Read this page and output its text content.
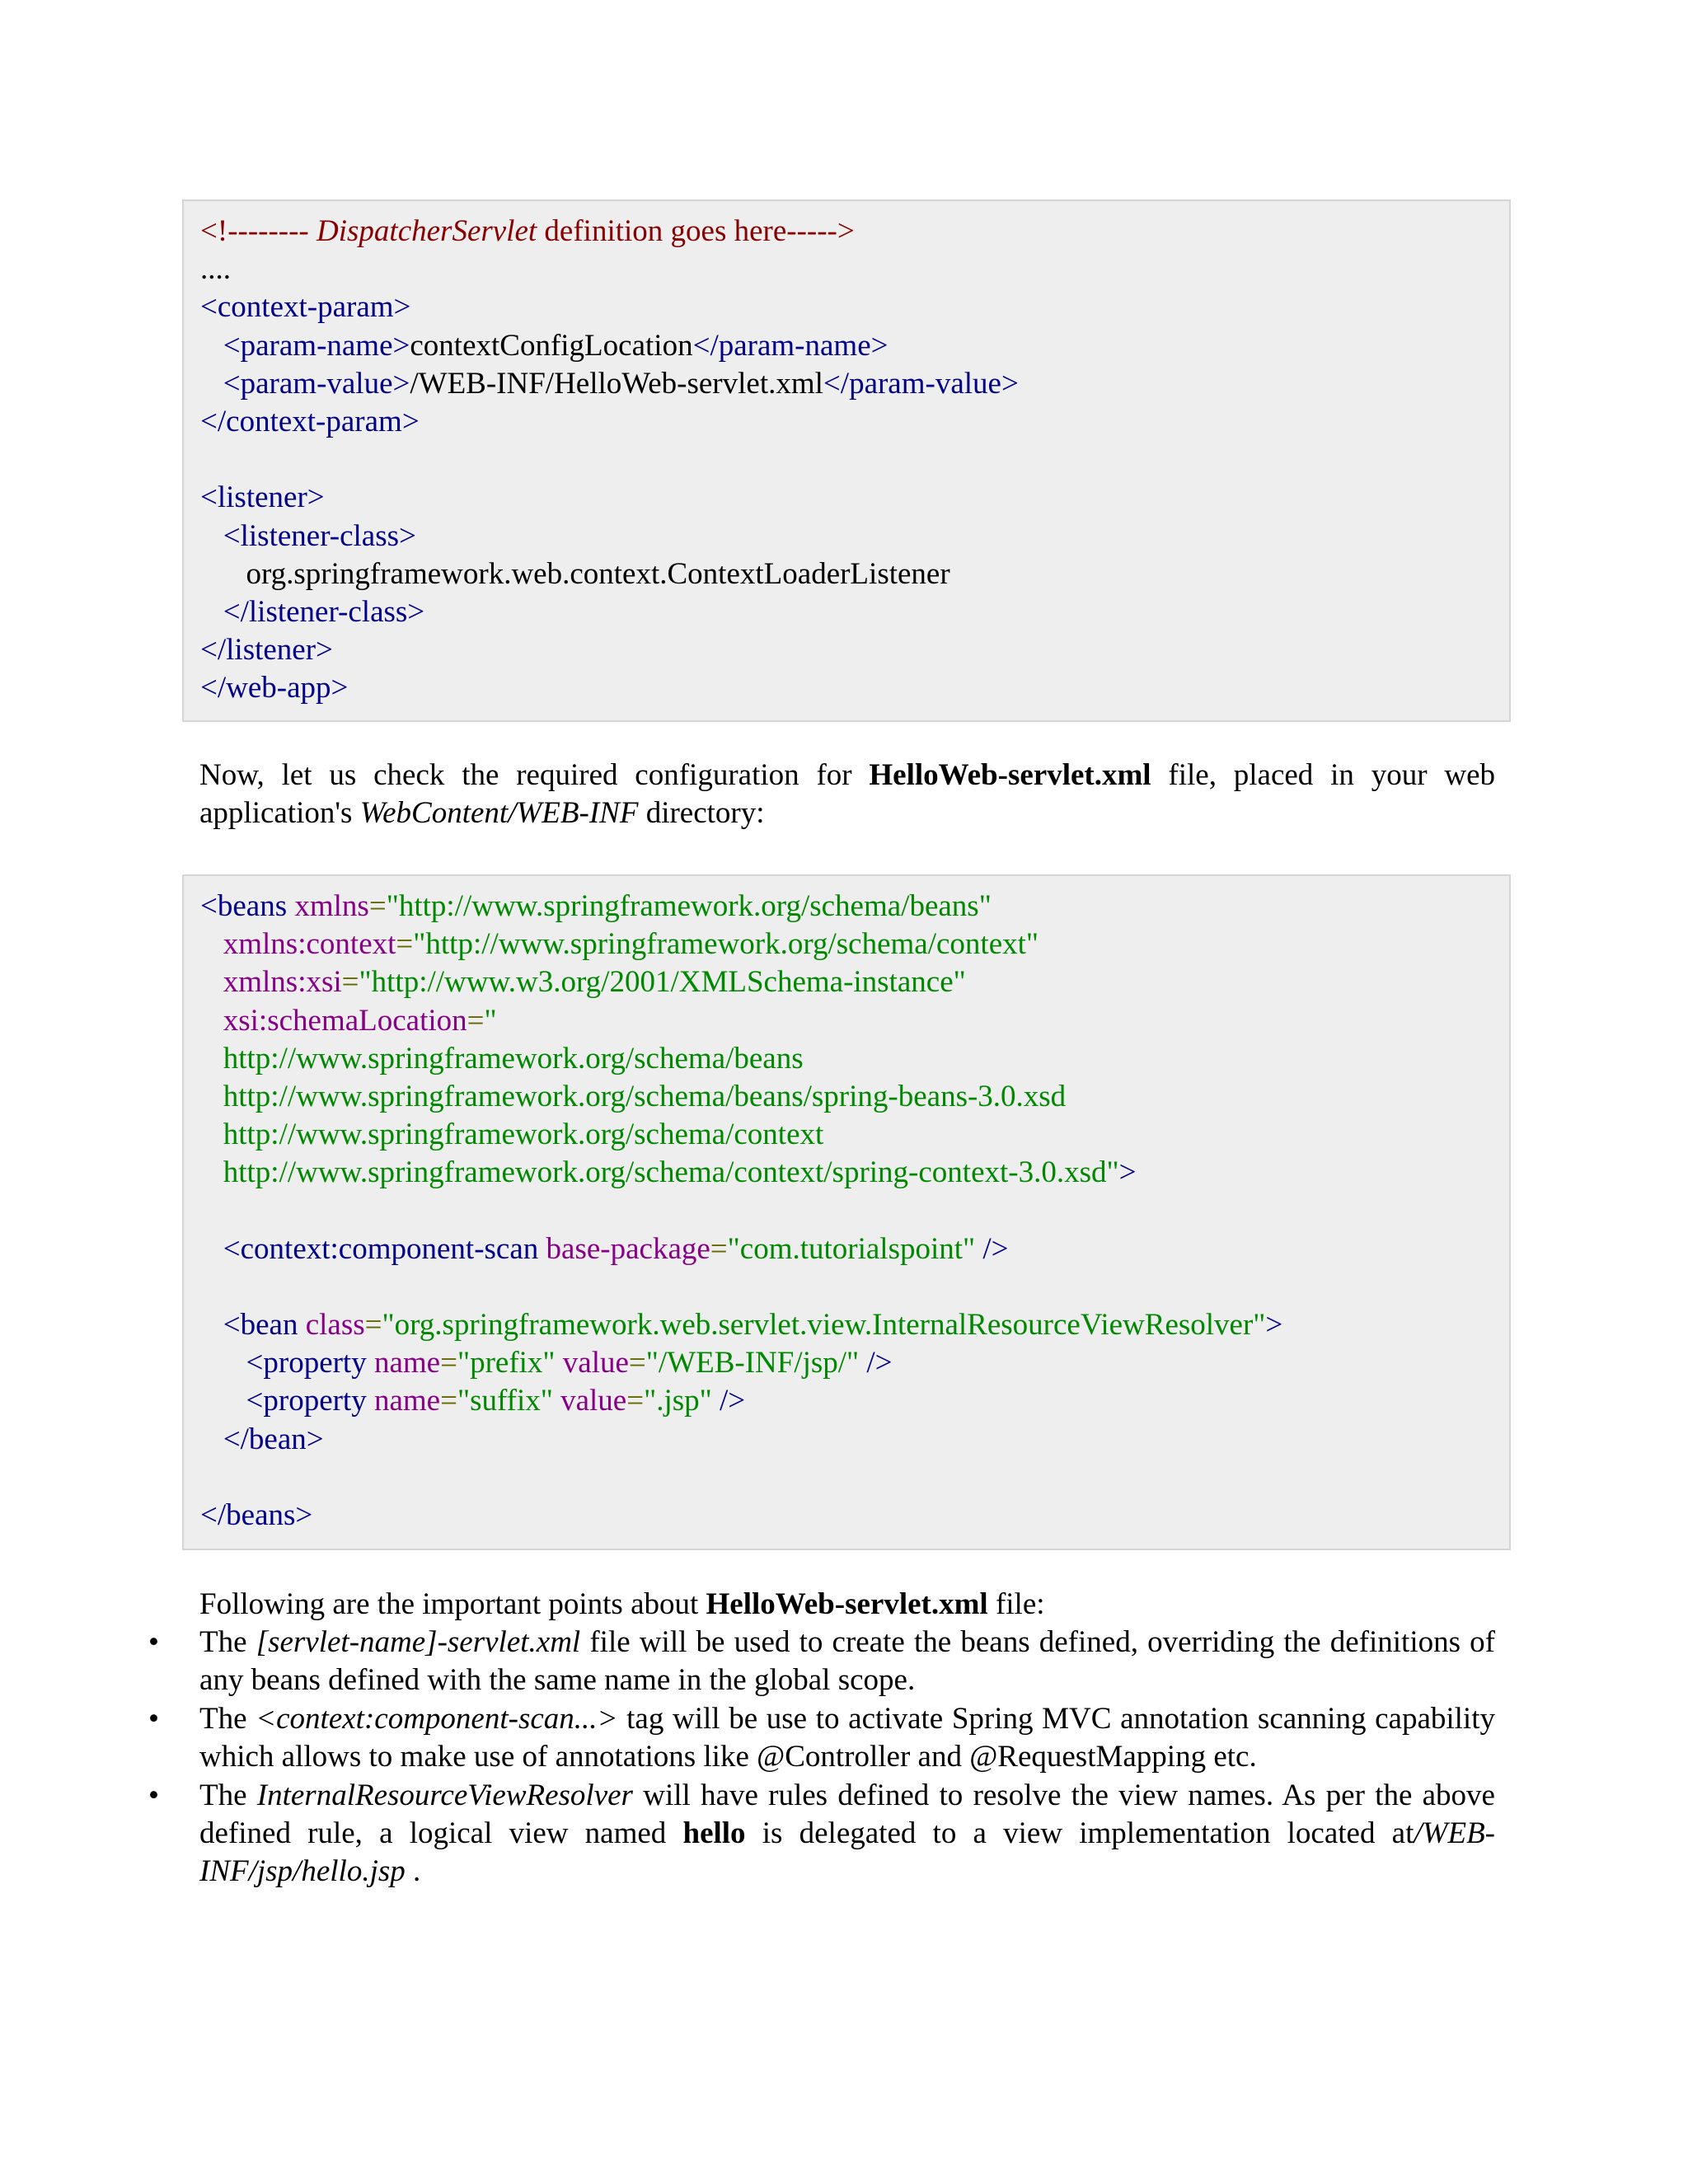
<!-------- DispatcherServlet definition goes here----->
....
<context-param>
<param-name>contextConfigLocation</param-name>
<param-value>/WEB-INF/HelloWeb-servlet.xml</param-value>
</context-param>
<listener>
<listener-class>
org.springframework.web.context.ContextLoaderListener
</listener-class>
</listener>
</web-app>

Now, let us check the required configuration for HelloWeb-servlet.xml file, placed in your web application's WebContent/WEB-INF directory:

<beans xmlns="http://www.springframework.org/schema/beans"
xmlns:context="http://www.springframework.org/schema/context"
xmlns:xsi="http://www.w3.org/2001/XMLSchema-instance"
xsi:schemaLocation="
http://www.springframework.org/schema/beans
http://www.springframework.org/schema/beans/spring-beans-3.0.xsd
http://www.springframework.org/schema/context
http://www.springframework.org/schema/context/spring-context-3.0.xsd">
<context:component-scan base-package="com.tutorialspoint" />
<bean class="org.springframework.web.servlet.view.InternalResourceViewResolver">
<property name="prefix" value="/WEB-INF/jsp/" />
<property name="suffix" value=".jsp" />
</bean>
</beans>

Following are the important points about HelloWeb-servlet.xml file:

• The [servlet-name]-servlet.xml file will be used to create the beans defined, overriding the definitions of any beans defined with the same name in the global scope.
• The <context:component-scan...> tag will be use to activate Spring MVC annotation scanning capability which allows to make use of annotations like @Controller and @RequestMapping etc.
• The InternalResourceViewResolver will have rules defined to resolve the view names. As per the above defined rule, a logical view named hello is delegated to a view implementation located at/WEB-INF/jsp/hello.jsp .
